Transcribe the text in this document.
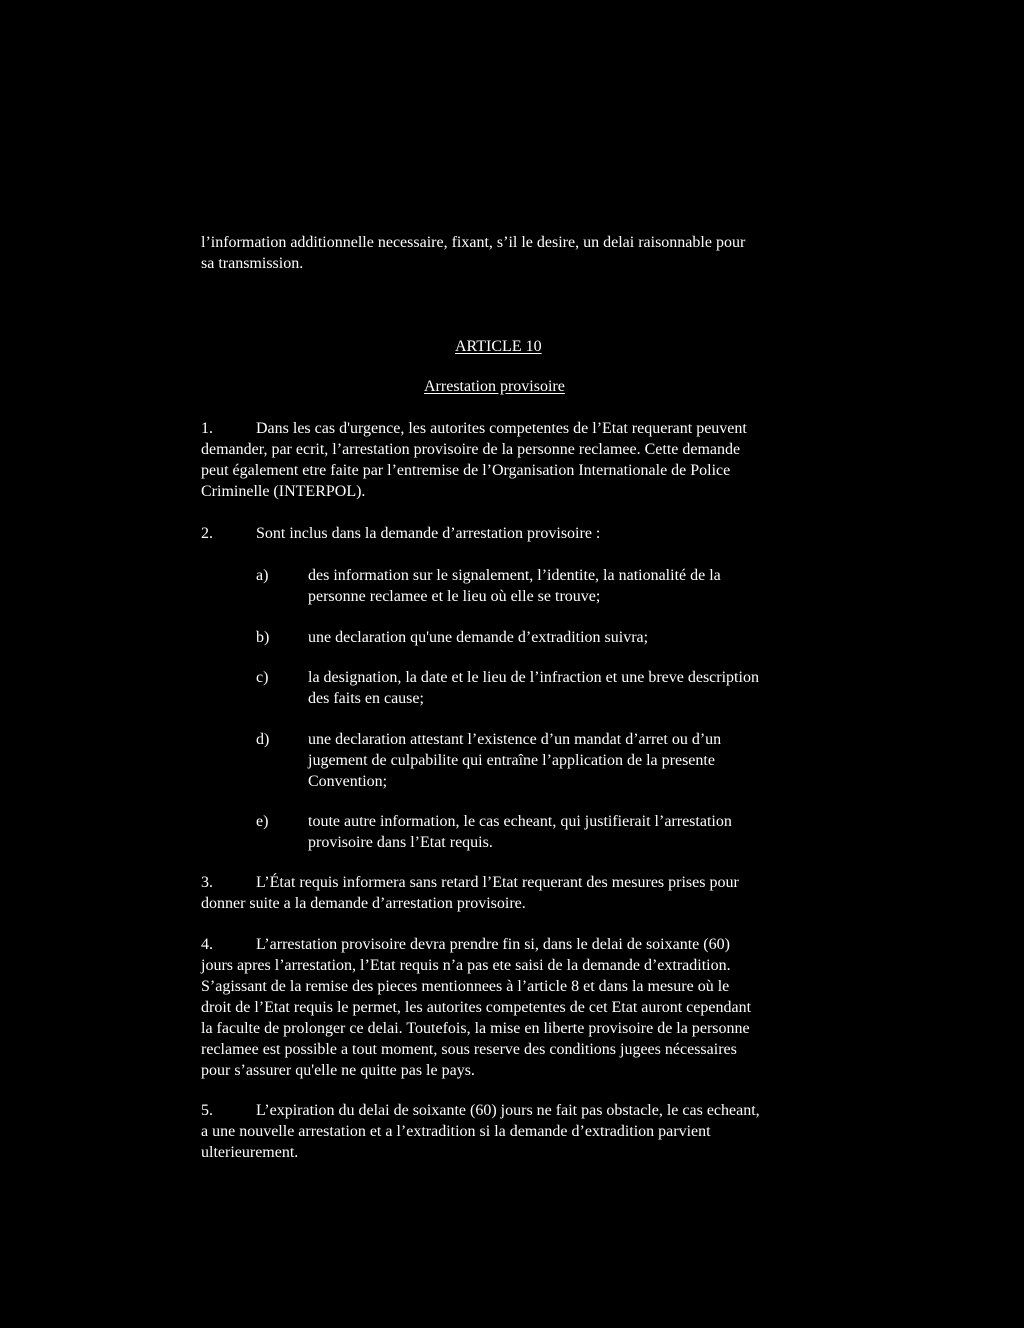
l’information additionnelle necessaire, fixant, s’il le desire, un delai raisonnable pour
sa transmission.
ARTICLE 10
Arrestation provisoire
1.	Dans les cas d'urgence, les autorites competentes de l’Etat requerant peuvent
demander, par ecrit, l’arrestation provisoire de la personne reclamee. Cette demande
peut également etre faite par l’entremise de l’Organisation Internationale de Police
Criminelle (INTERPOL).
2.	Sont inclus dans la demande d’arrestation provisoire :
a) des information sur le signalement, l’identite, la nationalité de la
personne reclamee et le lieu où elle se trouve;
b) une declaration qu'une demande d’extradition suivra;
c) la designation, la date et le lieu de l’infraction et une breve description
des faits en cause;
d) une declaration attestant l’existence d’un mandat d’arret ou d’un
jugement de culpabilite qui entraîne l’application de la presente
Convention;
e) toute autre information, le cas echeant, qui justifierait l’arrestation
provisoire dans l’Etat requis.
3.	L’État requis informera sans retard l’Etat requerant des mesures prises pour
donner suite a la demande d’arrestation provisoire.
4.	L’arrestation provisoire devra prendre fin si, dans le delai de soixante (60)
jours apres l’arrestation, l’Etat requis n’a pas ete saisi de la demande d’extradition.
S’agissant de la remise des pieces mentionnees à l’article 8 et dans la mesure où le
droit de l’Etat requis le permet, les autorites competentes de cet Etat auront cependant
la faculte de prolonger ce delai. Toutefois, la mise en liberte provisoire de la personne
reclamee est possible a tout moment, sous reserve des conditions jugees nécessaires
pour s’assurer qu'elle ne quitte pas le pays.
5.	L’expiration du delai de soixante (60) jours ne fait pas obstacle, le cas echeant,
a une nouvelle arrestation et a l’extradition si la demande d’extradition parvient
ulterieurement.
